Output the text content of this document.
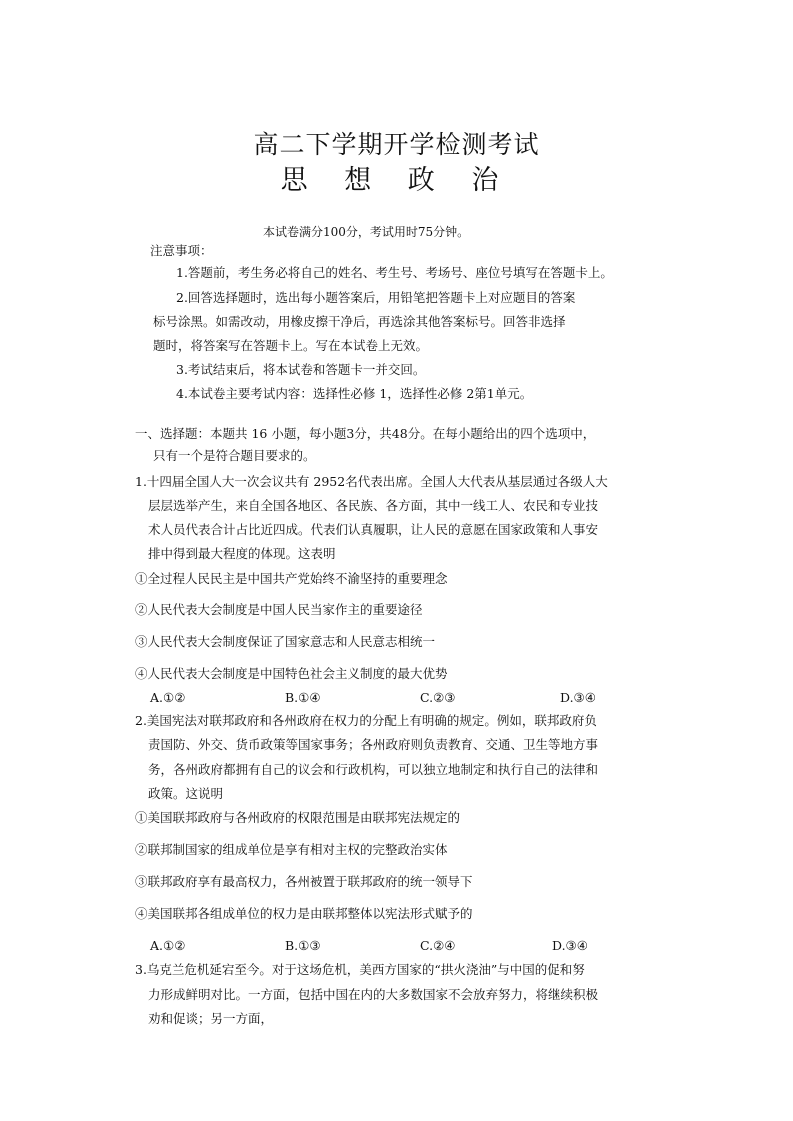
高二下学期开学检测考试
思 想 政 治
本试卷满分100分，考试用时75分钟。
注意事项：
1.答题前，考生务必将自己的姓名、考生号、考场号、座位号填写在答题卡上。
2.回答选择题时，选出每小题答案后，用铅笔把答题卡上对应题目的答案
标号涂黑。如需改动，用橡皮擦干净后，再选涂其他答案标号。回答非选择
题时，将答案写在答题卡上。写在本试卷上无效。
3.考试结束后，将本试卷和答题卡一并交回。
4.本试卷主要考试内容：选择性必修 1，选择性必修 2第1单元。
一、选择题：本题共 16 小题，每小题3分，共48分。在每小题给出的四个选项中，
只有一个是符合题目要求的。
1.十四届全国人大一次会议共有 2952名代表出席。全国人大代表从基层通过各级人大
层层选举产生，来自全国各地区、各民族、各方面，其中一线工人、农民和专业技
术人员代表合计占比近四成。代表们认真履职，让人民的意愿在国家政策和人事安
排中得到最大程度的体现。这表明
①全过程人民民主是中国共产党始终不渝坚持的重要理念
②人民代表大会制度是中国人民当家作主的重要途径
③人民代表大会制度保证了国家意志和人民意志相统一
④人民代表大会制度是中国特色社会主义制度的最大优势
A.①②	B.①④	C.②③	D.③④
2.美国宪法对联邦政府和各州政府在权力的分配上有明确的规定。例如，联邦政府负
责国防、外交、货币政策等国家事务；各州政府则负责教育、交通、卫生等地方事
务，各州政府都拥有自己的议会和行政机构，可以独立地制定和执行自己的法律和
政策。这说明
①美国联邦政府与各州政府的权限范围是由联邦宪法规定的
②联邦制国家的组成单位是享有相对主权的完整政治实体
③联邦政府享有最高权力，各州被置于联邦政府的统一领导下
④美国联邦各组成单位的权力是由联邦整体以宪法形式赋予的
A.①②	B.①③	C.②④	D.③④
3.乌克兰危机延宕至今。对于这场危机，美西方国家的“拱火浇油”与中国的促和努
力形成鲜明对比。一方面，包括中国在内的大多数国家不会放弃努力，将继续积极
劝和促谈；另一方面，
